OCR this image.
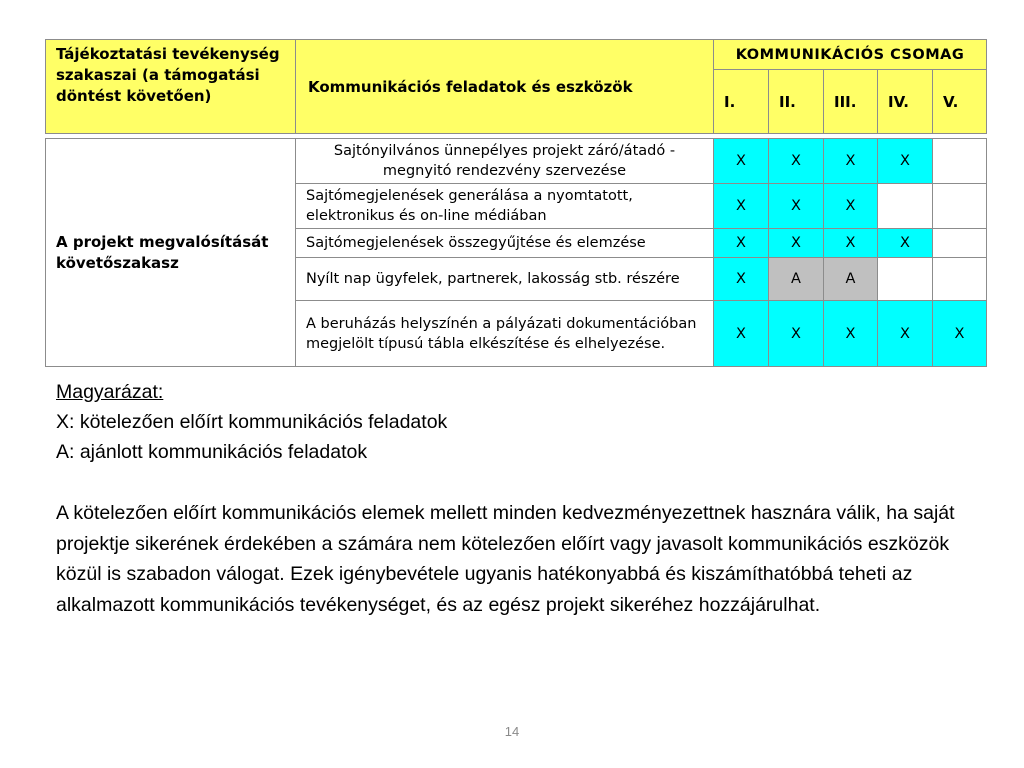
Tájékoztatási tevékenység szakaszai (a támogatási döntést követően)	Kommunikációs feladatok és eszközök	KOMMUNIKÁCIÓS CSOMAG				
		I.	II.	III.	IV.	V.
A projekt megvalósítását követőszakasz	Sajtónyilvános ünnepélyes projekt záró/átadó - megnyitó rendezvény szervezése	X	X	X	X	
	Sajtómegjelenések generálása a nyomtatott, elektronikus és on-line médiában	X	X	X		
	Sajtómegjelenések összegyűjtése és elemzése	X	X	X	X	
	Nyílt nap ügyfelek, partnerek, lakosság stb. részére	X	A	A		
	A beruházás helyszínén a pályázati dokumentációban megjelölt típusú tábla elkészítése és elhelyezése.	X	X	X	X	X
Magyarázat:
X: kötelezően előírt kommunikációs feladatok
A: ajánlott kommunikációs feladatok
A kötelezően előírt kommunikációs elemek mellett minden kedvezményezettnek hasznára válik, ha saját projektje sikerének érdekében a számára nem kötelezően előírt vagy javasolt kommunikációs eszközök közül is szabadon válogat. Ezek igénybevétele ugyanis hatékonyabbá és kiszámíthatóbbá teheti az alkalmazott kommunikációs tevékenységet, és az egész projekt sikeréhez hozzájárulhat.
14
